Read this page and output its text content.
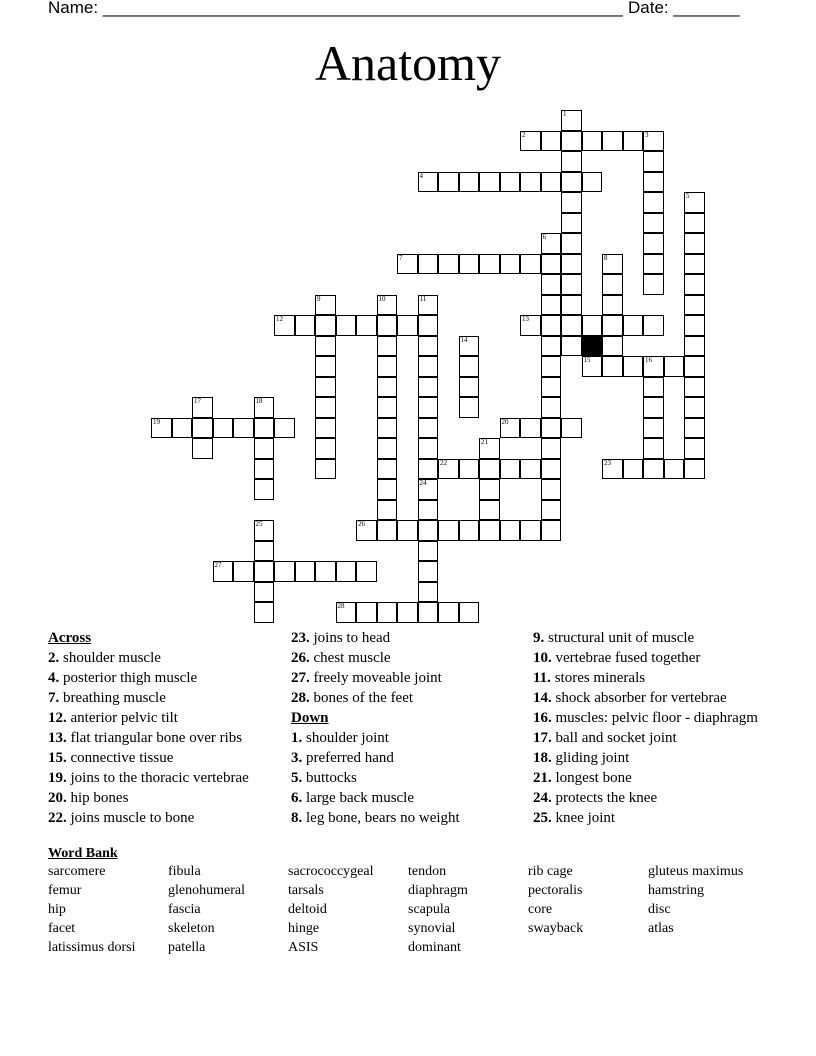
Name: _______________________________________________________ Date: _______
Anatomy
2
4
7
12	13
15
19	20
22	23
26
27
28
1
3
5
6
8
9	10	11
14
16
17	18
21
24
25
Across
2. shoulder muscle
4. posterior thigh muscle
7. breathing muscle
12. anterior pelvic tilt
13. flat triangular bone over ribs
15. connective tissue
19. joins to the thoracic vertebrae
20. hip bones
22. joins muscle to bone
23. joins to head
26. chest muscle
27. freely moveable joint
28. bones of the feet
Down
1. shoulder joint
3. preferred hand
5. buttocks
6. large back muscle
8. leg bone, bears no weight
9. structural unit of muscle
10. vertebrae fused together
11. stores minerals
14. shock absorber for vertebrae
16. muscles: pelvic floor - diaphragm
17. ball and socket joint
18. gliding joint
21. longest bone
24. protects the knee
25. knee joint
Word Bank
sarcomere
femur
hip
facet
latissimus dorsi
fibula
glenohumeral
fascia
skeleton
patella
sacrococcygeal
tarsals
deltoid
hinge
ASIS
tendon
diaphragm
scapula
synovial
dominant
rib cage
pectoralis
core
swayback
gluteus maximus
hamstring
disc
atlas
